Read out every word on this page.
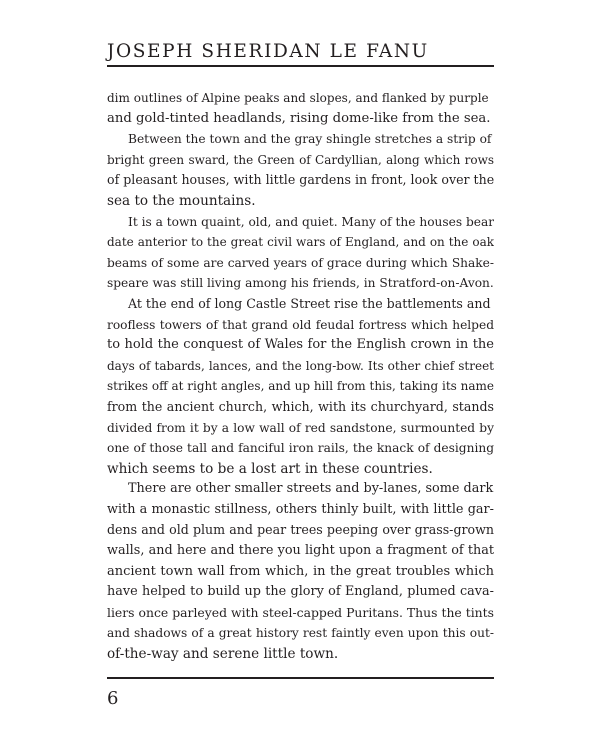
JOSEPH SHERIDAN LE FANU
dim outlines of Alpine peaks and slopes, and flanked by purple
and gold-tinted headlands, rising dome-like from the sea.
Between the town and the gray shingle stretches a strip of
bright green sward, the Green of Cardyllian, along which rows
of pleasant houses, with little gardens in front, look over the
sea to the mountains.
It is a town quaint, old, and quiet. Many of the houses bear
date anterior to the great civil wars of England, and on the oak
beams of some are carved years of grace during which Shake-
speare was still living among his friends, in Stratford-on-Avon.
At the end of long Castle Street rise the battlements and
roofless towers of that grand old feudal fortress which helped
to hold the conquest of Wales for the English crown in the
days of tabards, lances, and the long-bow. Its other chief street
strikes off at right angles, and up hill from this, taking its name
from the ancient church, which, with its churchyard, stands
divided from it by a low wall of red sandstone, surmounted by
one of those tall and fanciful iron rails, the knack of designing
which seems to be a lost art in these countries.
There are other smaller streets and by-lanes, some dark
with a monastic stillness, others thinly built, with little gar-
dens and old plum and pear trees peeping over grass-grown
walls, and here and there you light upon a fragment of that
ancient town wall from which, in the great troubles which
have helped to build up the glory of England, plumed cava-
liers once parleyed with steel-capped Puritans. Thus the tints
and shadows of a great history rest faintly even upon this out-
of-the-way and serene little town.
6
